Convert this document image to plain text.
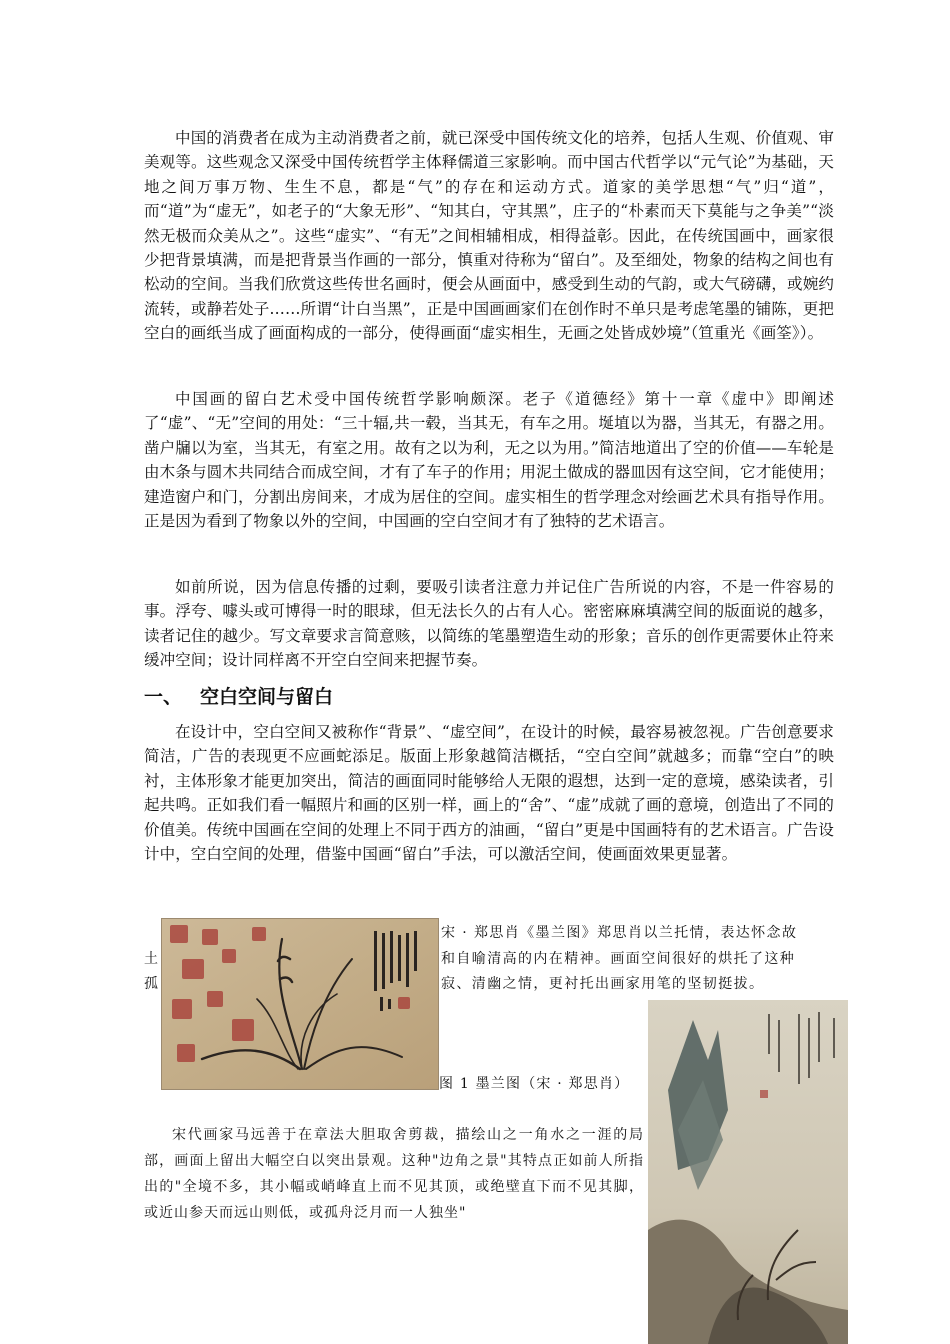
中国的消费者在成为主动消费者之前，就已深受中国传统文化的培养，包括人生观、价值观、审美观等。这些观念又深受中国传统哲学主体释儒道三家影响。而中国古代哲学以“元气论”为基础，天地之间万事万物、生生不息，都是“气”的存在和运动方式。道家的美学思想“气”归“道”，而“道”为“虚无”，如老子的“大象无形”、“知其白，守其黑”，庄子的“朴素而天下莫能与之争美”“淡然无极而众美从之”。这些“虚实”、“有无”之间相辅相成，相得益彰。因此，在传统国画中，画家很少把背景填满，而是把背景当作画的一部分，慎重对待称为“留白”。及至细处，物象的结构之间也有松动的空间。当我们欣赏这些传世名画时，便会从画面中，感受到生动的气韵，或大气磅礴，或婉约流转，或静若处子……所谓“计白当黑”，正是中国画画家们在创作时不单只是考虑笔墨的铺陈，更把空白的画纸当成了画面构成的一部分，使得画面“虚实相生，无画之处皆成妙境”（笪重光《画筌》）。

中国画的留白艺术受中国传统哲学影响颇深。老子《道德经》第十一章《虚中》即阐述了“虚”、“无”空间的用处：“三十辐,共一毂，当其无，有车之用。埏埴以为器，当其无，有器之用。凿户牖以为室，当其无，有室之用。故有之以为利，无之以为用。”简洁地道出了空的价值——车轮是由木条与圆木共同结合而成空间，才有了车子的作用；用泥土做成的器皿因有这空间，它才能使用；建造窗户和门，分割出房间来，才成为居住的空间。虚实相生的哲学理念对绘画艺术具有指导作用。正是因为看到了物象以外的空间，中国画的空白空间才有了独特的艺术语言。

如前所说，因为信息传播的过剩，要吸引读者注意力并记住广告所说的内容，不是一件容易的事。浮夸、噱头或可博得一时的眼球，但无法长久的占有人心。密密麻麻填满空间的版面说的越多，读者记住的越少。写文章要求言简意赅，以简练的笔墨塑造生动的形象；音乐的创作更需要休止符来缓冲空间；设计同样离不开空白空间来把握节奏。

一、 空白空间与留白

在设计中，空白空间又被称作“背景”、“虚空间”，在设计的时候，最容易被忽视。广告创意要求简洁，广告的表现更不应画蛇添足。版面上形象越简洁概括，“空白空间”就越多；而靠“空白”的映衬，主体形象才能更加突出，简洁的画面同时能够给人无限的遐想，达到一定的意境，感染读者，引起共鸣。正如我们看一幅照片和画的区别一样，画上的“舍”、“虚”成就了画的意境，创造出了不同的价值美。传统中国画在空间的处理上不同于西方的油画，“留白”更是中国画特有的艺术语言。广告设计中，空白空间的处理，借鉴中国画“留白”手法，可以激活空间，使画面效果更显著。

宋 · 郑思肖《墨兰图》郑思肖以兰托情，表达怀念故
土	和自喻清高的内在精神。画面空间很好的烘托了这种
孤	寂、清幽之情，更衬托出画家用笔的坚韧挺拔。
图 1 墨兰图（宋 · 郑思肖）

宋代画家马远善于在章法大胆取舍剪裁，描绘山之一角水之一涯的局部，画面上留出大幅空白以突出景观。这种"边角之景"其特点正如前人所指出的"全境不多，其小幅或峭峰直上而不见其顶，或绝壁直下而不见其脚，或近山参天而远山则低，或孤舟泛月而一人独坐"
